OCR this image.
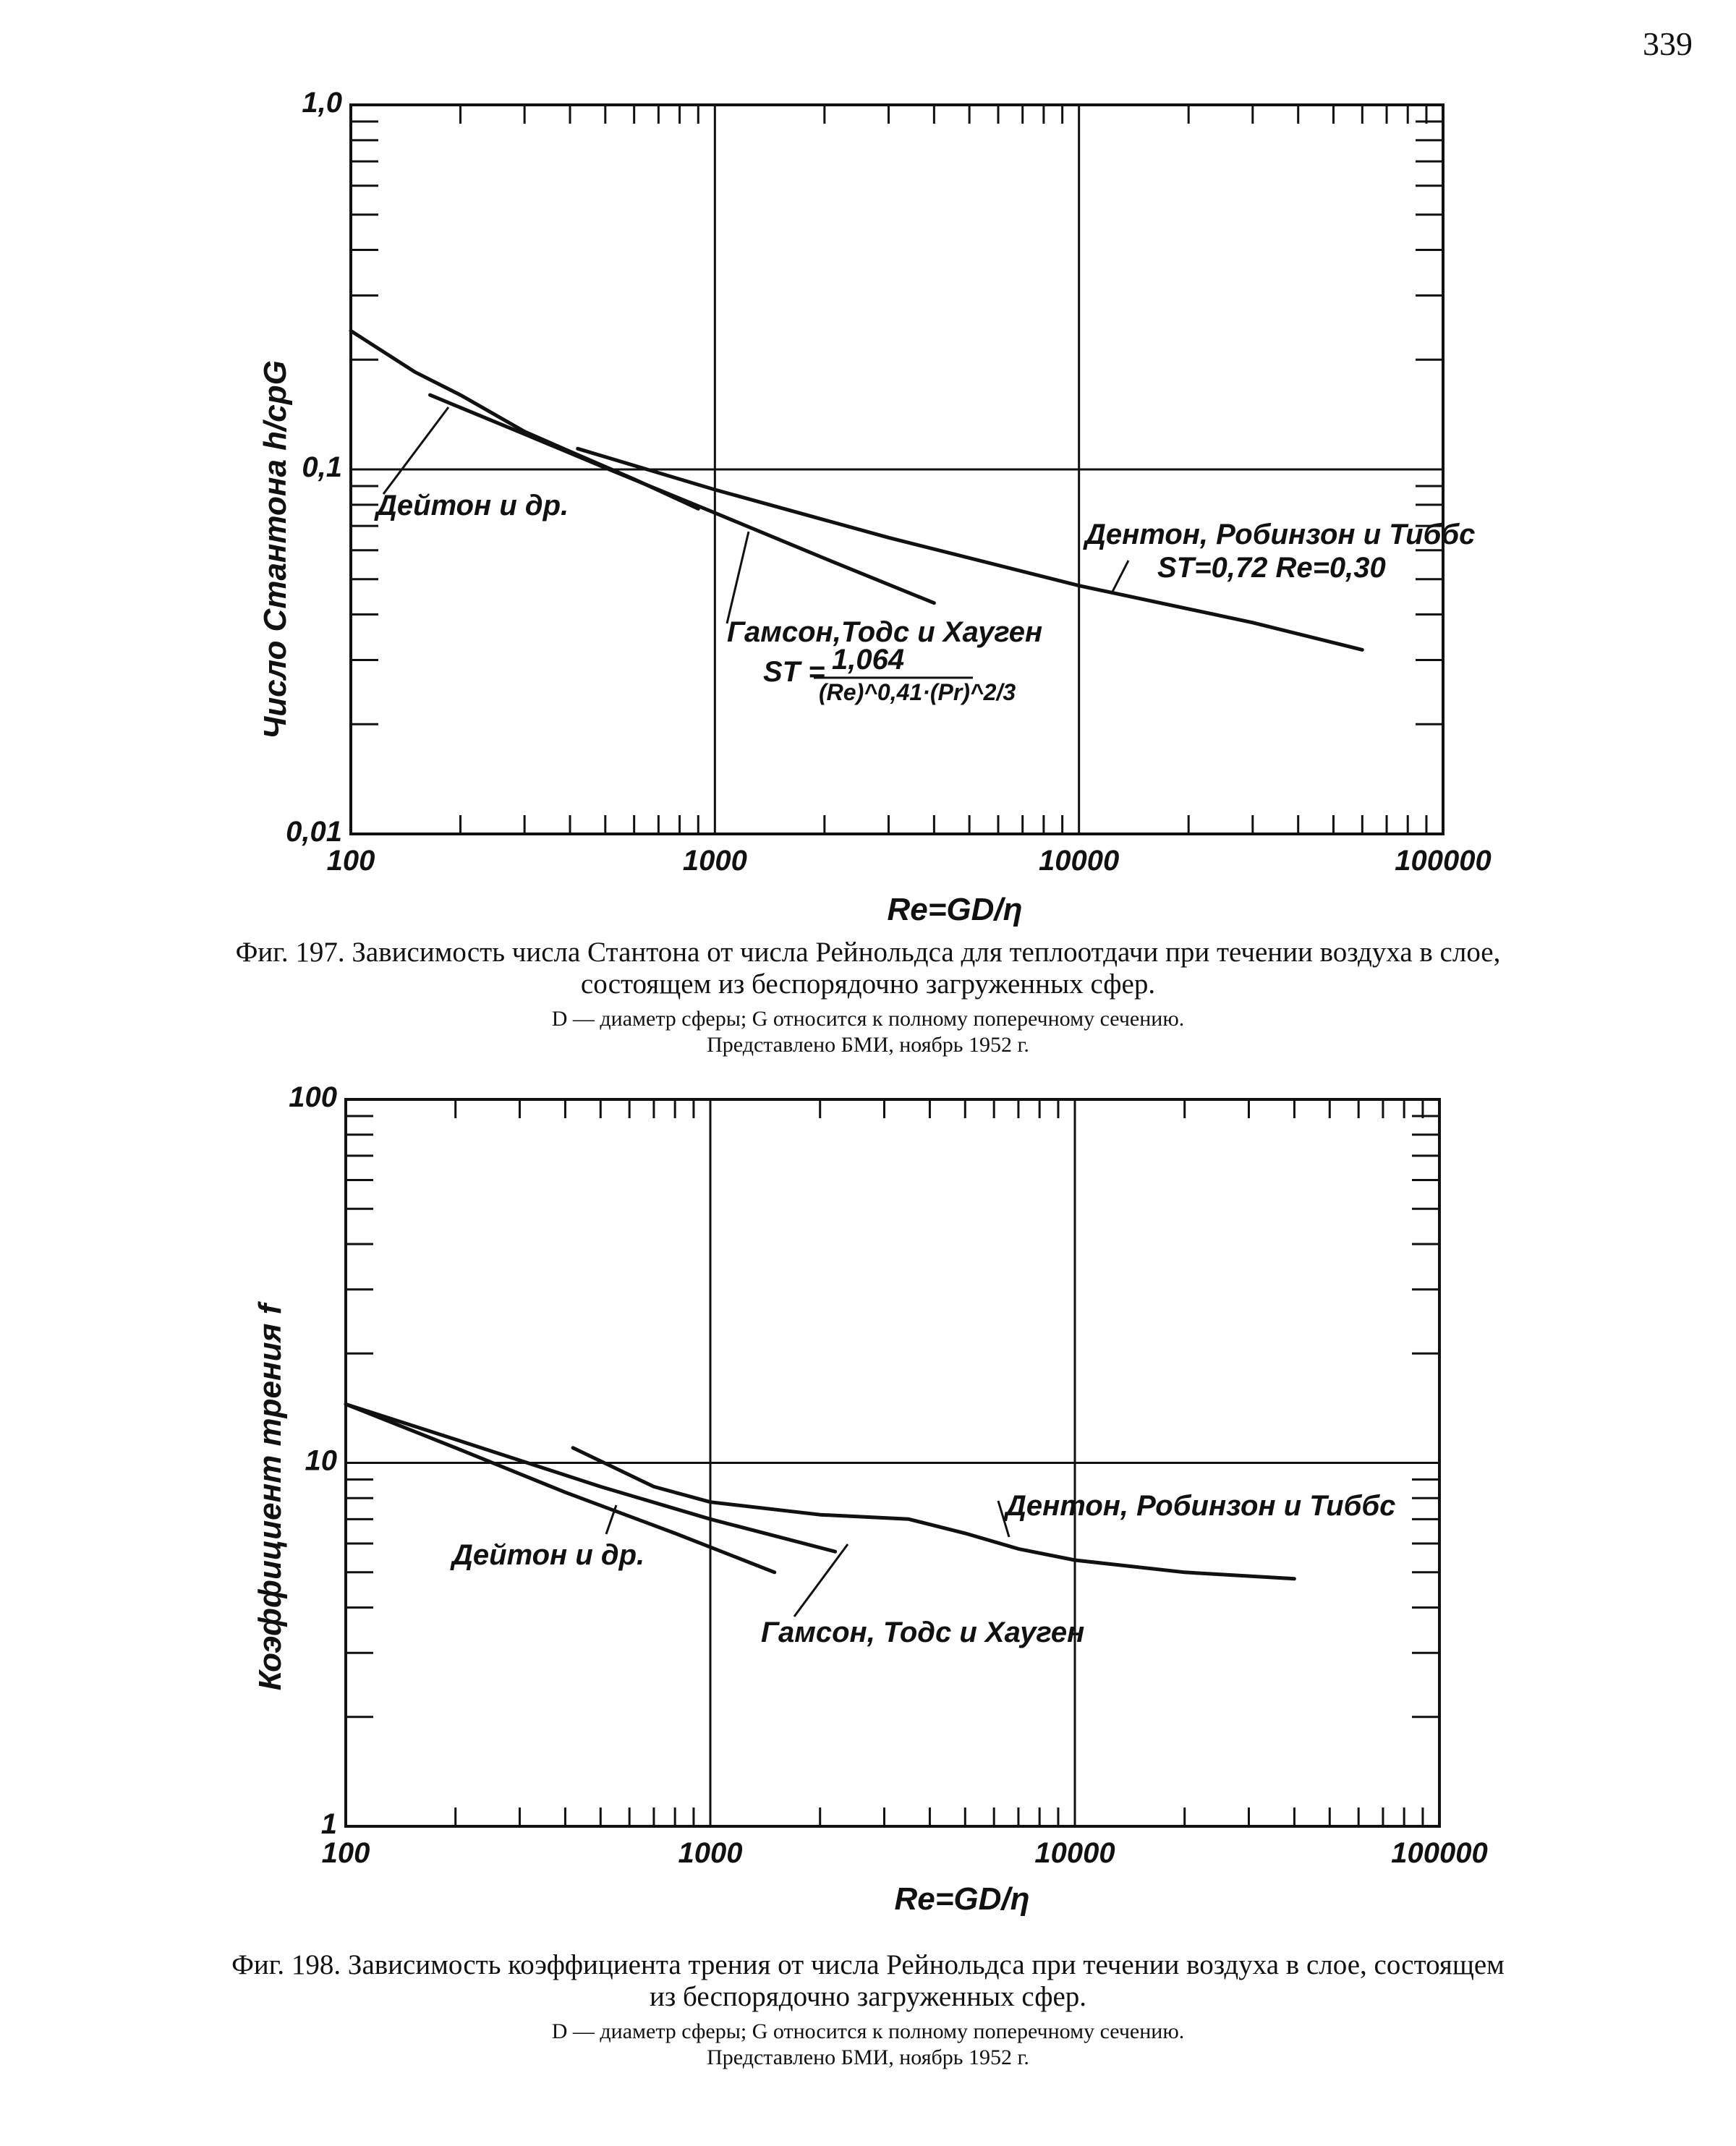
339
100	1000	10000	100000
0,01
0,1
1,0
Re=GD/η
Число Стантона h/cpG	Дейтон и др.
Гамсон,Тодс и Хауген
ST = 1,064
(Re)^0,41·(Pr)^2/3
Дентон, Робинзон и Тиббс
ST=0,72 Re=0,30
Фиг. 197. Зависимость числа Стантона от числа Рейнольдса для теплоотдачи при течении воздуха в слое, состоящем из беспорядочно загруженных сфер.
D — диаметр сферы; G относится к полному поперечному сечению.
Представлено БМИ, ноябрь 1952 г.
100	1000	10000	100000
1
10
100
Re=GD/η
Коэффициент трения f	Дейтон и др.
Гамсон, Тодс и Хауген
Дентон, Робинзон и Тиббс
Фиг. 198. Зависимость коэффициента трения от числа Рейнольдса при течении воздуха в слое, состоящем из беспорядочно загруженных сфер.
D — диаметр сферы; G относится к полному поперечному сечению.
Представлено БМИ, ноябрь 1952 г.
